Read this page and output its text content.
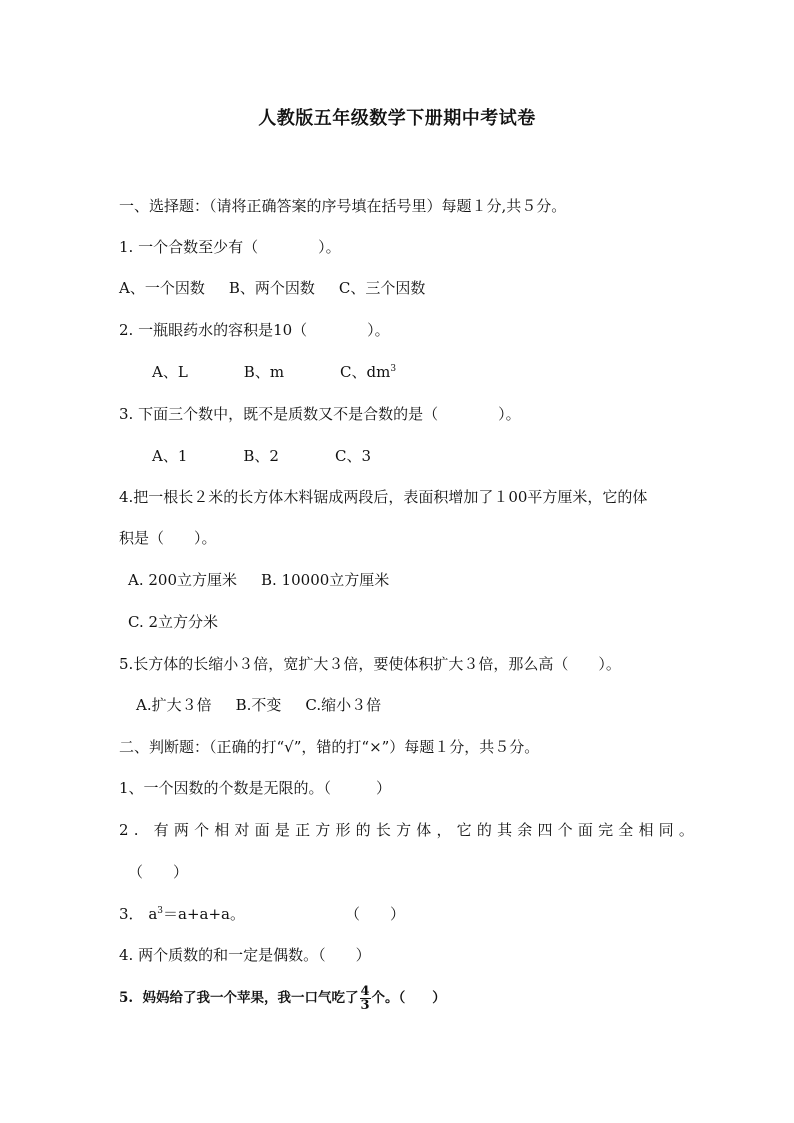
人教版五年级数学下册期中考试卷
一、选择题：（请将正确答案的序号填在括号里）每题１分,共５分。
1. 一个合数至少有（　　　　）。
A、一个因数 B、两个因数 C、三个因数
2. 一瓶眼药水的容积是10（　　　　）。
A、L	B、m	C、$dm^3$
3. 下面三个数中，既不是质数又不是合数的是（　　　　）。
A、1	B、2	C、3
4.把一根长２米的长方体木料锯成两段后，表面积增加了１00平方厘米，它的体
积是（　　）。
A. 200立方厘米 B. 10000立方厘米
C. 2立方分米
5.长方体的长缩小３倍，宽扩大３倍，要使体积扩大３倍，那么高（　　）。
A.扩大３倍 B.不变 C.缩小３倍
二、判断题：（正确的打“√”，错的打“×”）每题１分，共５分。
1、一个因数的个数是无限的。（　　　）
2. 有两个相对面是正方形的长方体，它的其余四个面完全相同。
（　　）
3． $a^3=a+a+a$。	（　　）
4. 两个质数的和一定是偶数。（　　）
5. 妈妈给了我一个苹果，我一口气吃了 $\frac{4}{3}$ 个。（　　）
